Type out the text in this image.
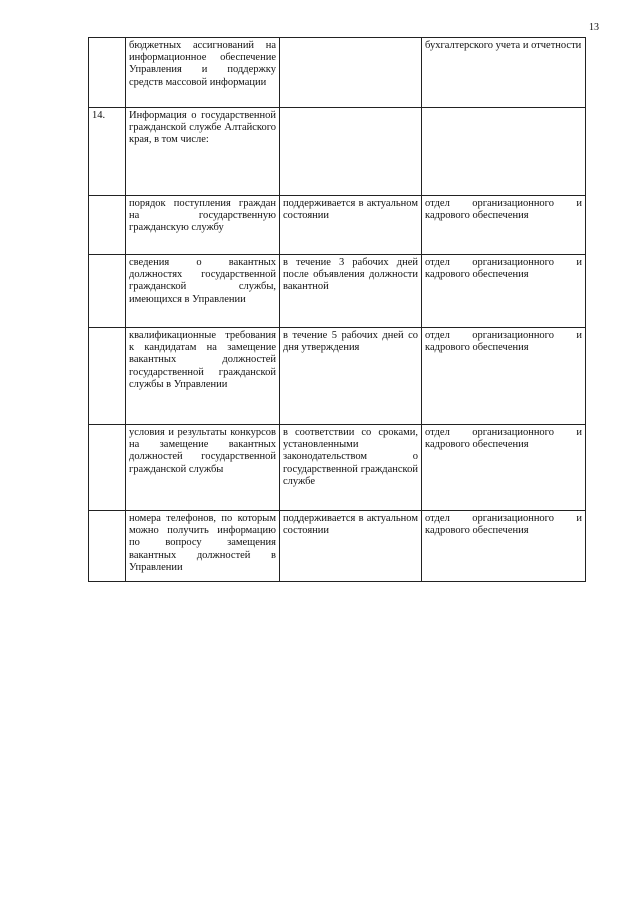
13
	бюджетных ассигнований на информационное обеспечение Управления и поддержку средств массовой информации		бухгалтерского учета и отчетности
14.	Информация о государственной гражданской службе Алтайского края, в том числе:		
	порядок поступления граждан на государственную гражданскую службу	поддерживается в актуальном состоянии	отдел организационного и кадрового обеспечения
	сведения о вакантных должностях государственной гражданской службы, имеющихся в Управлении	в течение 3 рабочих дней после объявления должности вакантной	отдел организационного и кадрового обеспечения
	квалификационные требования к кандидатам на замещение вакантных должностей государственной гражданской службы в Управлении	в течение 5 рабочих дней со дня утверждения	отдел организационного и кадрового обеспечения
	условия и результаты конкурсов на замещение вакантных должностей государственной гражданской службы	в соответствии со сроками, установленными законодательством о государственной гражданской службе	отдел организационного и кадрового обеспечения
	номера телефонов, по которым можно получить информацию по вопросу замещения вакантных должностей в Управлении	поддерживается в актуальном состоянии	отдел организационного и кадрового обеспечения
